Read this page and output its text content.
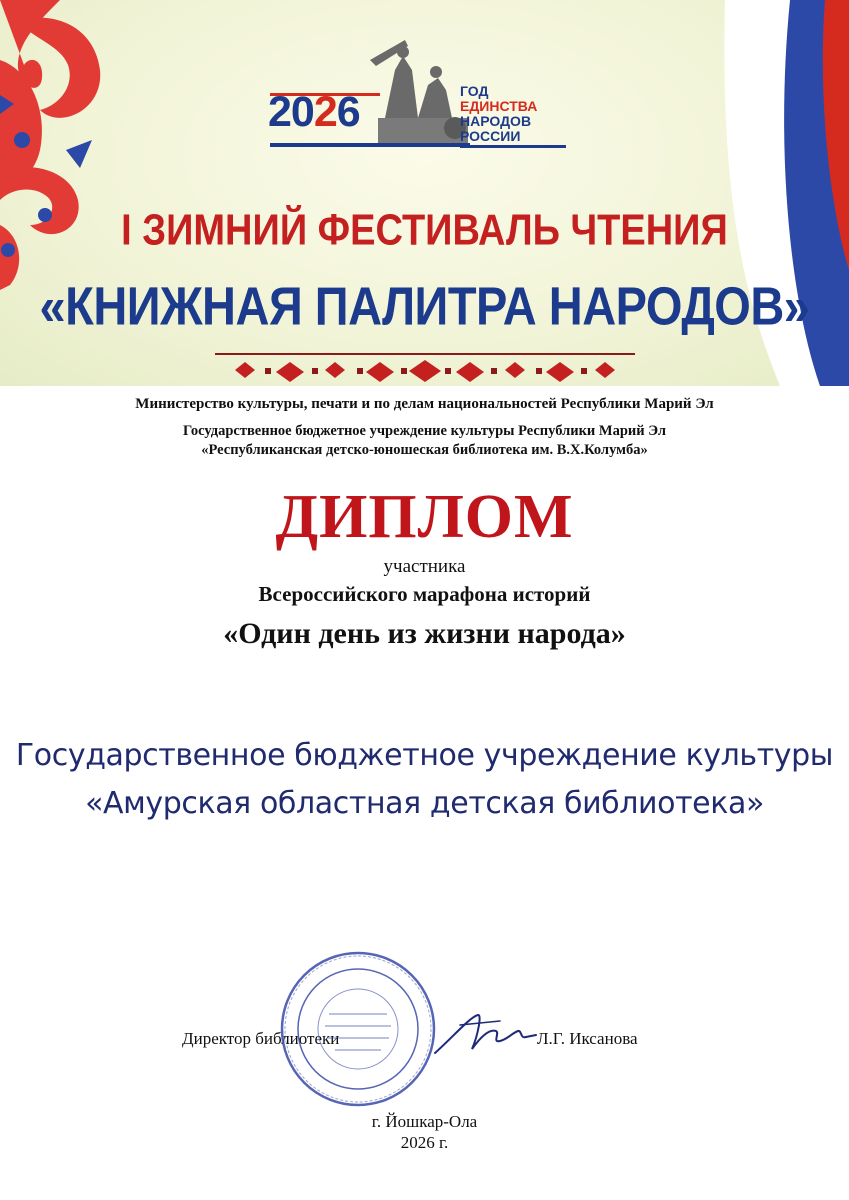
2026	ГОД
ЕДИНСТВА
НАРОДОВ
РОССИИ
I ЗИМНИЙ ФЕСТИВАЛЬ ЧТЕНИЯ
«КНИЖНАЯ ПАЛИТРА НАРОДОВ»
Министерство культуры, печати и по делам национальностей Республики Марий Эл
Государственное бюджетное учреждение культуры Республики Марий Эл
«Республиканская детско-юношеская библиотека им. В.Х.Колумба»
ДИПЛОМ
участника
Всероссийского марафона историй
«Один день из жизни народа»
Государственное бюджетное учреждение культуры
«Амурская областная детская библиотека»
Директор библиотеки	Л.Г. Иксанова
г. Йошкар-Ола
2026 г.
